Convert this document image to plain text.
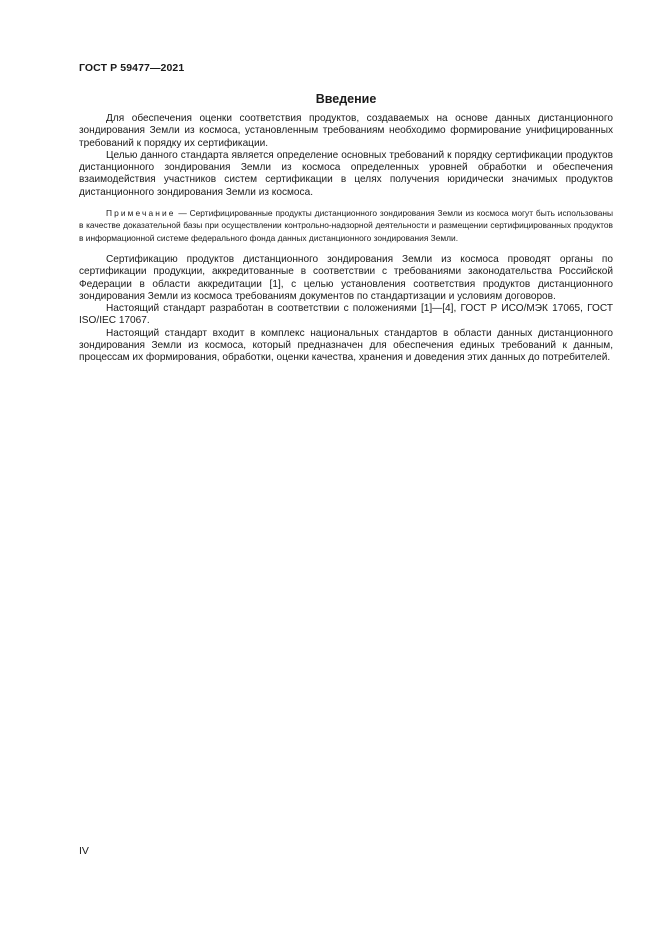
ГОСТ Р 59477—2021
Введение

Для обеспечения оценки соответствия продуктов, создаваемых на основе данных дистанционного зондирования Земли из космоса, установленным требованиям необходимо формирование унифицированных требований к порядку их сертификации.

Целью данного стандарта является определение основных требований к порядку сертификации продуктов дистанционного зондирования Земли из космоса определенных уровней обработки и обеспечения взаимодействия участников систем сертификации в целях получения юридически значимых продуктов дистанционного зондирования Земли из космоса.

Примечание — Сертифицированные продукты дистанционного зондирования Земли из космоса могут быть использованы в качестве доказательной базы при осуществлении контрольно-надзорной деятельности и размещении сертифицированных продуктов в информационной системе федерального фонда данных дистанционного зондирования Земли.

Сертификацию продуктов дистанционного зондирования Земли из космоса проводят органы по сертификации продукции, аккредитованные в соответствии с требованиями законодательства Российской Федерации в области аккредитации [1], с целью установления соответствия продуктов дистанционного зондирования Земли из космоса требованиям документов по стандартизации и условиям договоров.

Настоящий стандарт разработан в соответствии с положениями [1]—[4], ГОСТ Р ИСО/МЭК 17065, ГОСТ ISO/IEC 17067.

Настоящий стандарт входит в комплекс национальных стандартов в области данных дистанционного зондирования Земли из космоса, который предназначен для обеспечения единых требований к данным, процессам их формирования, обработки, оценки качества, хранения и доведения этих данных до потребителей.

IV
